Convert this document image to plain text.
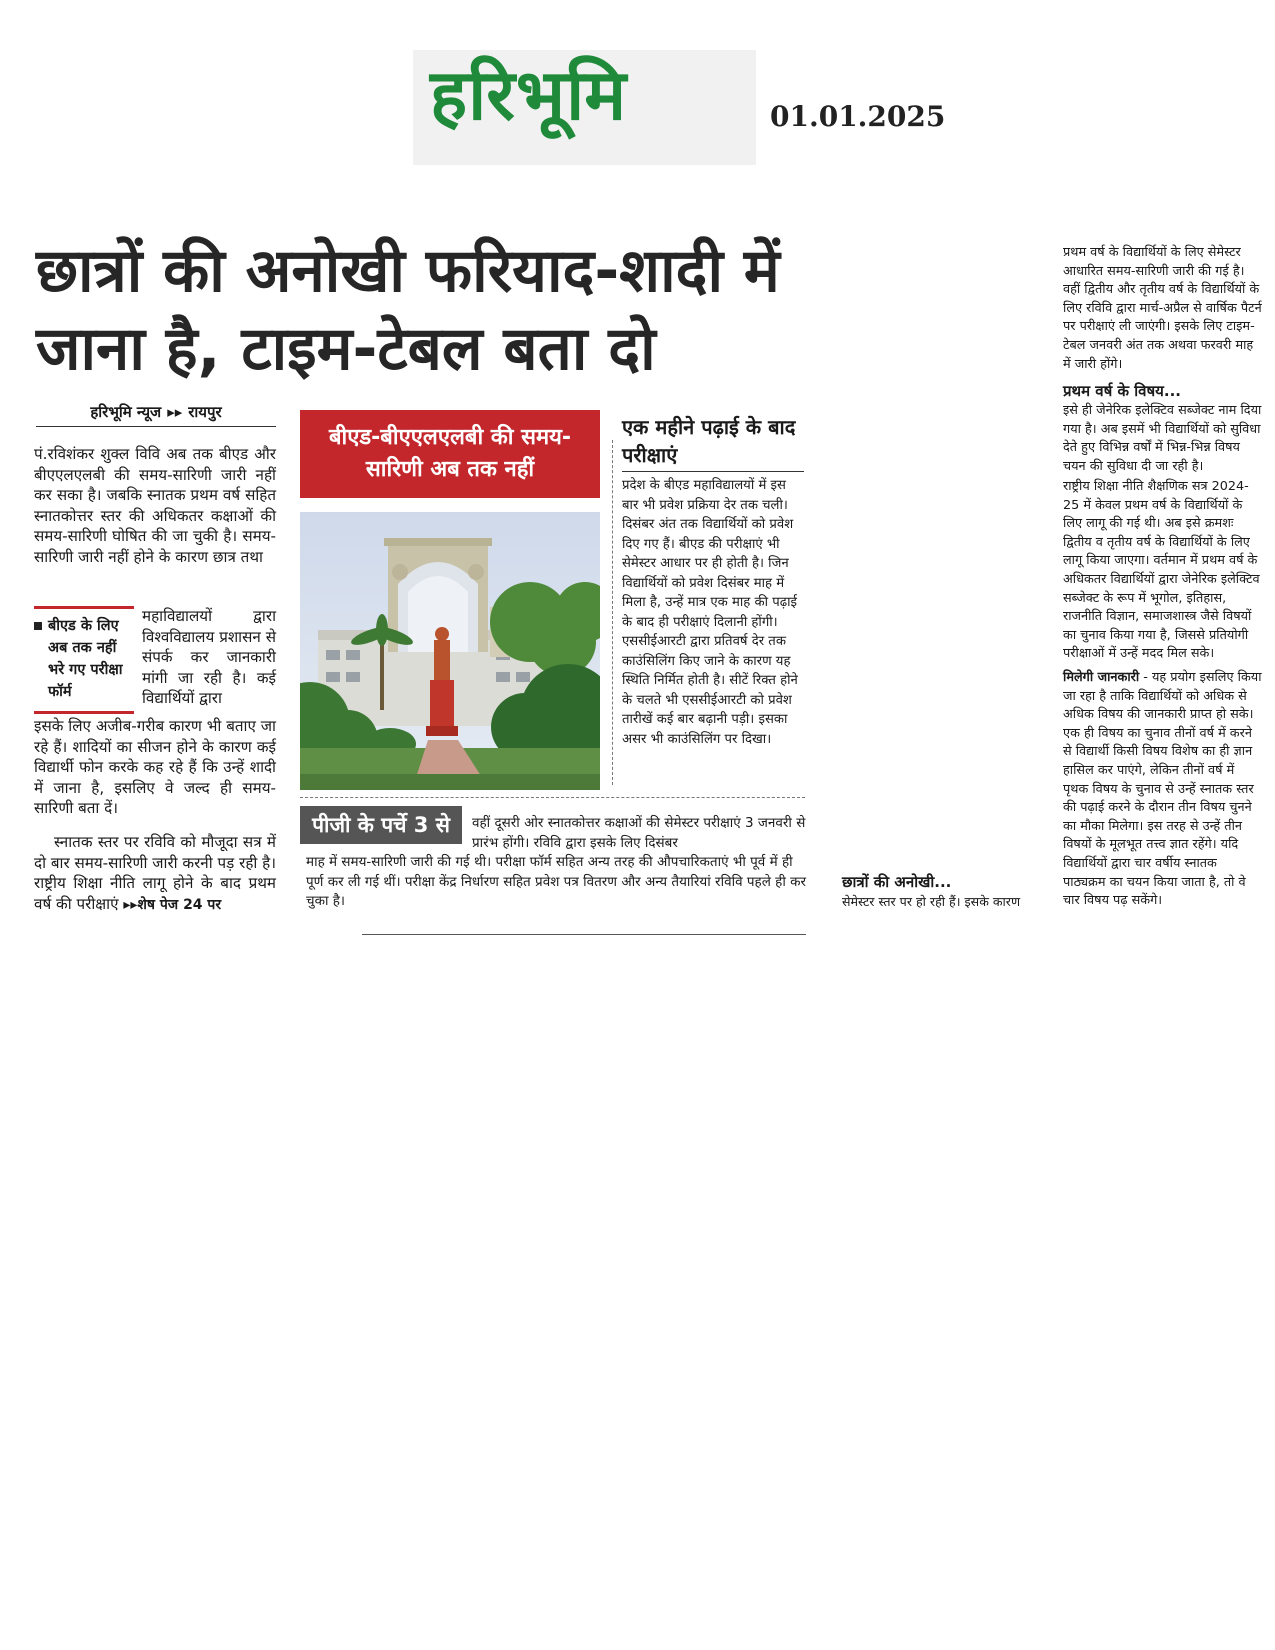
हरिभूमि	01.01.2025
छात्रों की अनोखी फरियाद-शादी में जाना है, टाइम-टेबल बता दो
हरिभूमि न्यूज ▸▸ रायपुर
पं.रविशंकर शुक्ल विवि अब तक बीएड और बीएएलएलबी की समय-सारिणी जारी नहीं कर सका है। जबकि स्नातक प्रथम वर्ष सहित स्नातकोत्तर स्तर की अधिकतर कक्षाओं की समय-सारिणी घोषित की जा चुकी है। समय-सारिणी जारी नहीं होने के कारण छात्र तथा
बीएड के लिए अब तक नहीं भरे गए परीक्षा फॉर्म
महाविद्यालयों द्वारा विश्वविद्यालय प्रशासन से संपर्क कर जानकारी मांगी जा रही है। कई विद्यार्थियों द्वारा
इसके लिए अजीब-गरीब कारण भी बताए जा रहे हैं। शादियों का सीजन होने के कारण कई विद्यार्थी फोन करके कह रहे हैं कि उन्हें शादी में जाना है, इसलिए वे जल्द ही समय-सारिणी बता दें।
स्नातक स्तर पर रविवि को मौजूदा सत्र में दो बार समय-सारिणी जारी करनी पड़ रही है। राष्ट्रीय शिक्षा नीति लागू होने के बाद प्रथम वर्ष की परीक्षाएं ▸▸शेष पेज 24 पर
बीएड-बीएएलएलबी की समय-सारिणी अब तक नहीं
एक महीने पढ़ाई के बाद परीक्षाएं
प्रदेश के बीएड महाविद्यालयों में इस बार भी प्रवेश प्रक्रिया देर तक चली। दिसंबर अंत तक विद्यार्थियों को प्रवेश दिए गए हैं। बीएड की परीक्षाएं भी सेमेस्टर आधार पर ही होती है। जिन विद्यार्थियों को प्रवेश दिसंबर माह में मिला है, उन्हें मात्र एक माह की पढ़ाई के बाद ही परीक्षाएं दिलानी होंगी। एससीईआरटी द्वारा प्रतिवर्ष देर तक काउंसिलिंग किए जाने के कारण यह स्थिति निर्मित होती है। सीटें रिक्त होने के चलते भी एससीईआरटी को प्रवेश तारीखें कई बार बढ़ानी पड़ी। इसका असर भी काउंसिलिंग पर दिखा।
पीजी के पर्चे 3 से	वहीं दूसरी ओर स्नातकोत्तर कक्षाओं की सेमेस्टर परीक्षाएं 3 जनवरी से प्रारंभ होंगी। रविवि द्वारा इसके लिए दिसंबर
माह में समय-सारिणी जारी की गई थी। परीक्षा फॉर्म सहित अन्य तरह की औपचारिकताएं भी पूर्व में ही पूर्ण कर ली गई थीं। परीक्षा केंद्र निर्धारण सहित प्रवेश पत्र वितरण और अन्य तैयारियां रविवि पहले ही कर चुका है।
प्रथम वर्ष के विद्यार्थियों के लिए सेमेस्टर आधारित समय-सारिणी जारी की गई है। वहीं द्वितीय और तृतीय वर्ष के विद्यार्थियों के लिए रविवि द्वारा मार्च-अप्रैल से वार्षिक पैटर्न पर परीक्षाएं ली जाएंगी। इसके लिए टाइम-टेबल जनवरी अंत तक अथवा फरवरी माह में जारी होंगे।
प्रथम वर्ष के विषय...
इसे ही जेनेरिक इलेक्टिव सब्जेक्ट नाम दिया गया है। अब इसमें भी विद्यार्थियों को सुविधा देते हुए विभिन्न वर्षों में भिन्न-भिन्न विषय चयन की सुविधा दी जा रही है।
राष्ट्रीय शिक्षा नीति शैक्षणिक सत्र 2024-25 में केवल प्रथम वर्ष के विद्यार्थियों के लिए लागू की गई थी। अब इसे क्रमशः द्वितीय व तृतीय वर्ष के विद्यार्थियों के लिए लागू किया जाएगा। वर्तमान में प्रथम वर्ष के अधिकतर विद्यार्थियों द्वारा जेनेरिक इलेक्टिव सब्जेक्ट के रूप में भूगोल, इतिहास, राजनीति विज्ञान, समाजशास्त्र जैसे विषयों का चुनाव किया गया है, जिससे प्रतियोगी परीक्षाओं में उन्हें मदद मिल सके।
मिलेगी जानकारी - यह प्रयोग इसलिए किया जा रहा है ताकि विद्यार्थियों को अधिक से अधिक विषय की जानकारी प्राप्त हो सके। एक ही विषय का चुनाव तीनों वर्ष में करने से विद्यार्थी किसी विषय विशेष का ही ज्ञान हासिल कर पाएंगे, लेकिन तीनों वर्ष में पृथक विषय के चुनाव से उन्हें स्नातक स्तर की पढ़ाई करने के दौरान तीन विषय चुनने का मौका मिलेगा। इस तरह से उन्हें तीन विषयों के मूलभूत तत्त्व ज्ञात रहेंगे। यदि विद्यार्थियों द्वारा चार वर्षीय स्नातक पाठ्यक्रम का चयन किया जाता है, तो वे चार विषय पढ़ सकेंगे।
छात्रों की अनोखी...
सेमेस्टर स्तर पर हो रही हैं। इसके कारण
